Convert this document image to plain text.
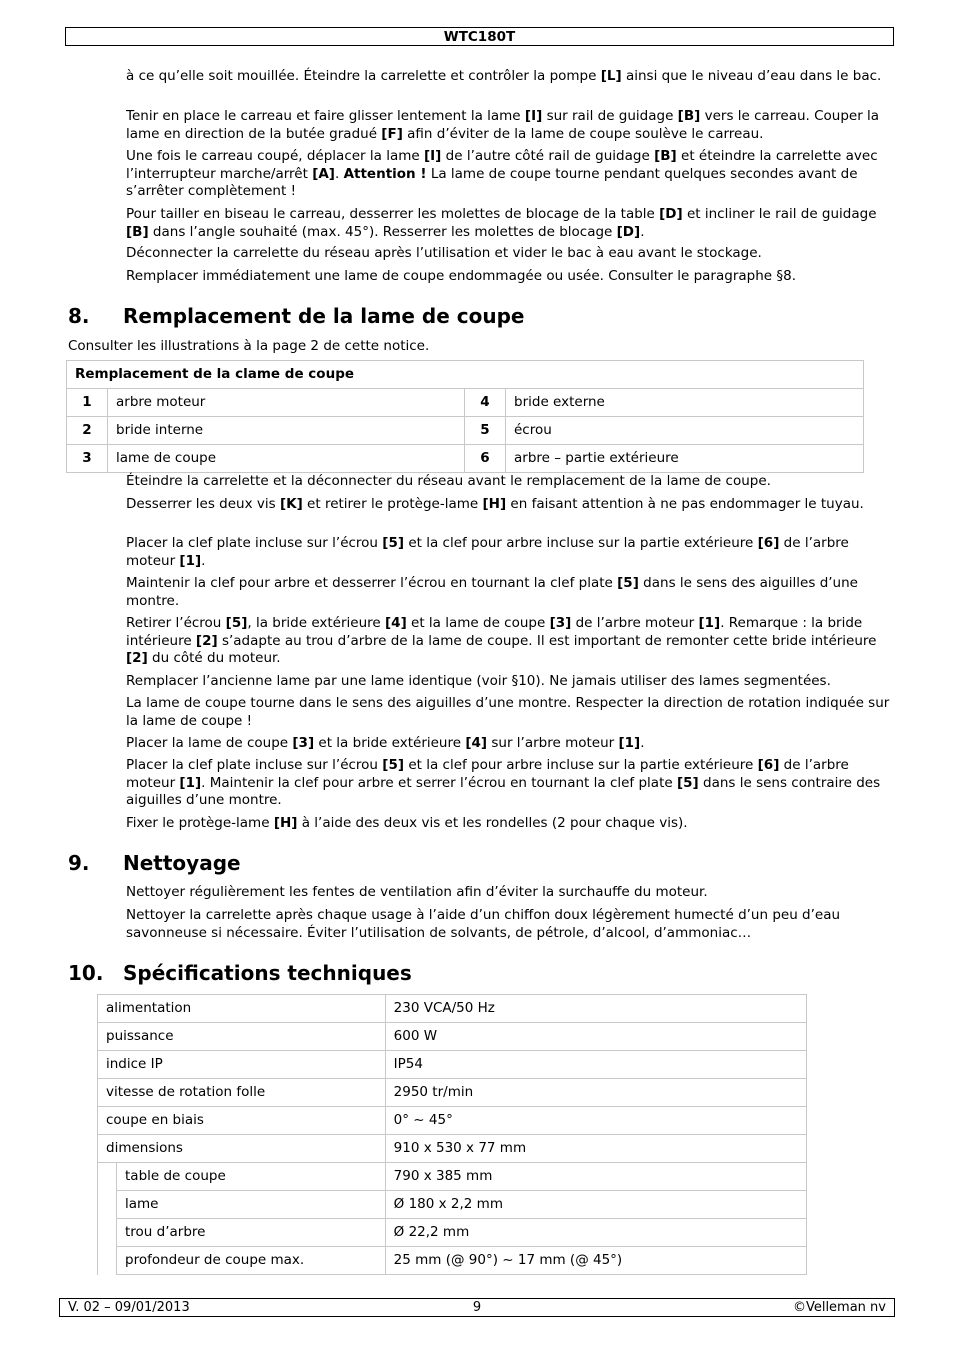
WTC180T

à ce qu’elle soit mouillée. Éteindre la carrelette et contrôler la pompe [L] ainsi que le niveau d’eau dans le bac.

Tenir en place le carreau et faire glisser lentement la lame [I] sur rail de guidage [B] vers le carreau. Couper la lame en direction de la butée gradué [F] afin d’éviter de la lame de coupe soulève le carreau.

Une fois le carreau coupé, déplacer la lame [I] de l’autre côté rail de guidage [B] et éteindre la carrelette avec l’interrupteur marche/arrêt [A]. Attention ! La lame de coupe tourne pendant quelques secondes avant de s’arrêter complètement !

Pour tailler en biseau le carreau, desserrer les molettes de blocage de la table [D] et incliner le rail de guidage [B] dans l’angle souhaité (max. 45°). Resserrer les molettes de blocage [D].

Déconnecter la carrelette du réseau après l’utilisation et vider le bac à eau avant le stockage.

Remplacer immédiatement une lame de coupe endommagée ou usée. Consulter le paragraphe §8.

8. Remplacement de la lame de coupe
Consulter les illustrations à la page 2 de cette notice.
Remplacement de la clame de coupe			
1	arbre moteur	4	bride externe
2	bride interne	5	écrou
3	lame de coupe	6	arbre – partie extérieure

Éteindre la carrelette et la déconnecter du réseau avant le remplacement de la lame de coupe.

Desserrer les deux vis [K] et retirer le protège-lame [H] en faisant attention à ne pas endommager le tuyau.

Placer la clef plate incluse sur l’écrou [5] et la clef pour arbre incluse sur la partie extérieure [6] de l’arbre moteur [1].

Maintenir la clef pour arbre et desserrer l’écrou en tournant la clef plate [5] dans le sens des aiguilles d’une montre.

Retirer l’écrou [5], la bride extérieure [4] et la lame de coupe [3] de l’arbre moteur [1]. Remarque : la bride intérieure [2] s’adapte au trou d’arbre de la lame de coupe. Il est important de remonter cette bride intérieure [2] du côté du moteur.

Remplacer l’ancienne lame par une lame identique (voir §10). Ne jamais utiliser des lames segmentées.

La lame de coupe tourne dans le sens des aiguilles d’une montre. Respecter la direction de rotation indiquée sur la lame de coupe !

Placer la lame de coupe [3] et la bride extérieure [4] sur l’arbre moteur [1].

Placer la clef plate incluse sur l’écrou [5] et la clef pour arbre incluse sur la partie extérieure [6] de l’arbre moteur [1]. Maintenir la clef pour arbre et serrer l’écrou en tournant la clef plate [5] dans le sens contraire des aiguilles d’une montre.

Fixer le protège-lame [H] à l’aide des deux vis et les rondelles (2 pour chaque vis).

9. Nettoyage

Nettoyer régulièrement les fentes de ventilation afin d’éviter la surchauffe du moteur.

Nettoyer la carrelette après chaque usage à l’aide d’un chiffon doux légèrement humecté d’un peu d’eau savonneuse si nécessaire. Éviter l’utilisation de solvants, de pétrole, d’alcool, d’ammoniac…

10. Spécifications techniques
alimentation		230 VCA/50 Hz
puissance		600 W
indice IP		IP54
vitesse de rotation folle		2950 tr/min
coupe en biais		0° ~ 45°
dimensions		910 x 530 x 77 mm
	table de coupe	790 x 385 mm
	lame	Ø 180 x 2,2 mm
	trou d’arbre	Ø 22,2 mm
	profondeur de coupe max.	25 mm (@ 90°) ~ 17 mm (@ 45°)
V. 02 – 09/01/2013	9	©Velleman nv
